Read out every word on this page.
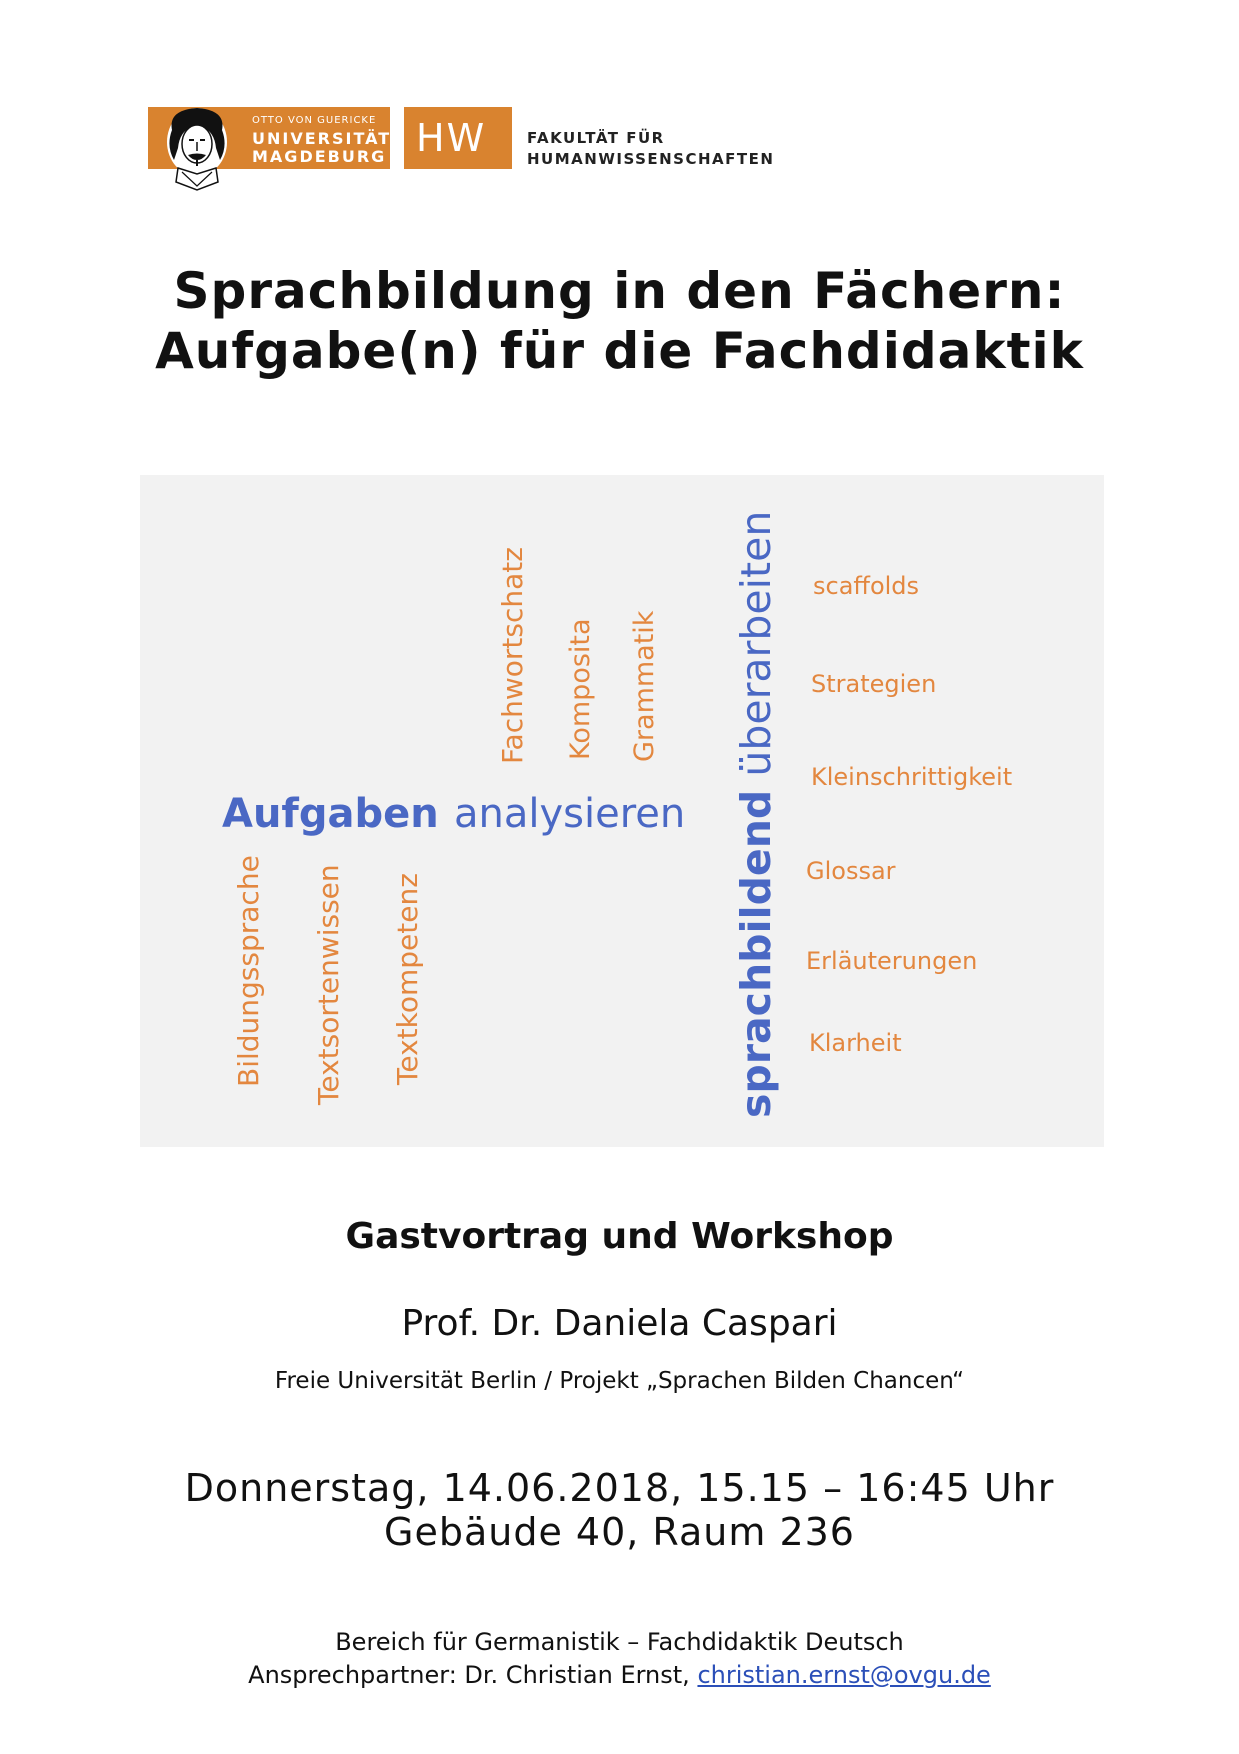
OTTO VON GUERICKE
UNIVERSITÄT
MAGDEBURG HW	FAKULTÄT FÜR
HUMANWISSENSCHAFTEN
Sprachbildung in den Fächern:
Aufgabe(n) für die Fachdidaktik
Fachwortschatz Komposita Grammatik
Aufgaben analysieren
Bildungssprache Textsortenwissen Textkompetenz	sprachbildend überarbeiten scaffolds
Strategien
Kleinschrittigkeit
Glossar
Erläuterungen
Klarheit
Gastvortrag und Workshop
Prof. Dr. Daniela Caspari
Freie Universität Berlin / Projekt „Sprachen Bilden Chancen“
Donnerstag, 14.06.2018, 15.15 – 16:45 Uhr
Gebäude 40, Raum 236
Bereich für Germanistik – Fachdidaktik Deutsch
Ansprechpartner: Dr. Christian Ernst, christian.ernst@ovgu.de
